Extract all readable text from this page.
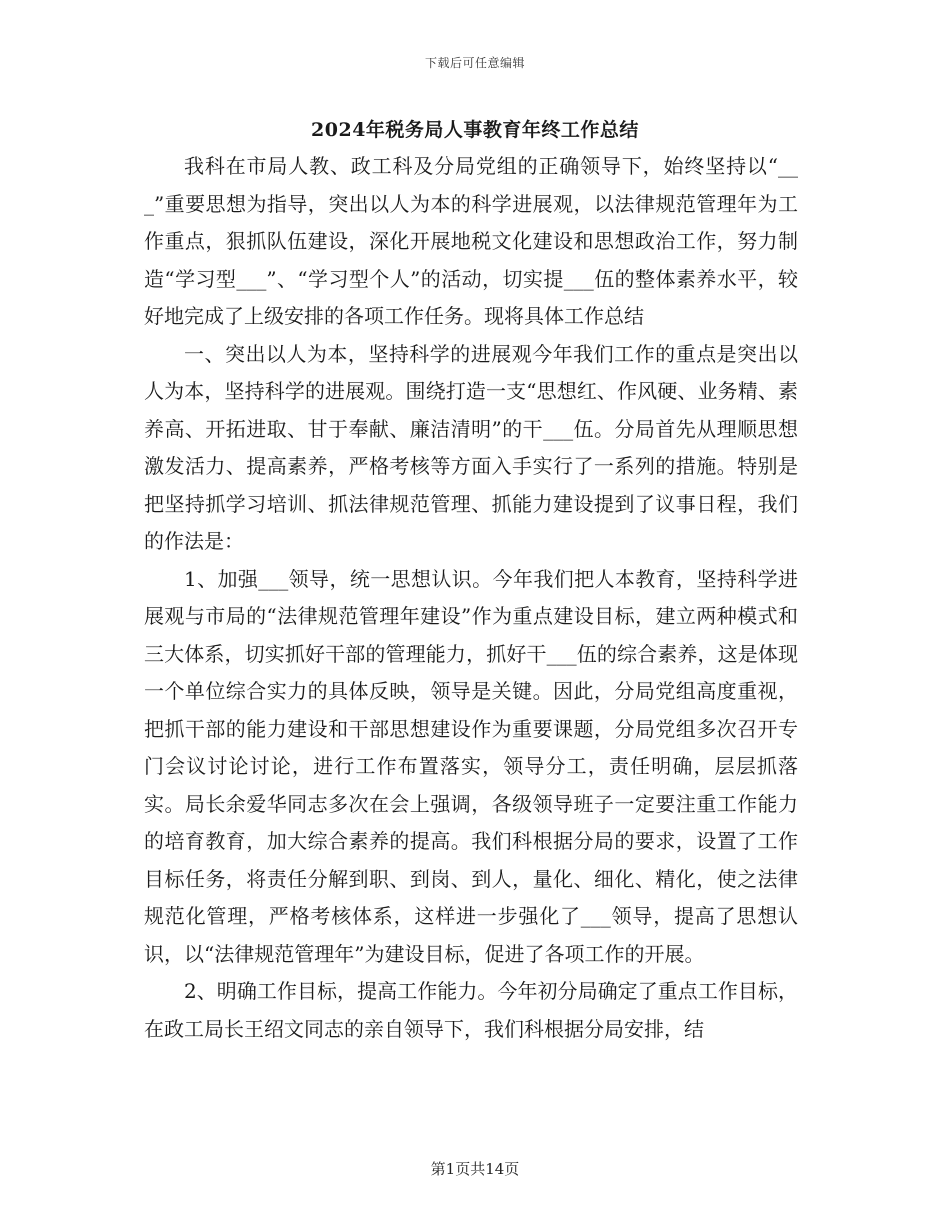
下载后可任意编辑
2024年税务局人事教育年终工作总结

我科在市局人教、政工科及分局党组的正确领导下，始终坚持以“___”重要思想为指导，突出以人为本的科学进展观，以法律规范管理年为工作重点，狠抓队伍建设，深化开展地税文化建设和思想政治工作，努力制造“学习型___”、“学习型个人”的活动，切实提___伍的整体素养水平，较好地完成了上级安排的各项工作任务。现将具体工作总结

一、突出以人为本，坚持科学的进展观今年我们工作的重点是突出以人为本，坚持科学的进展观。围绕打造一支“思想红、作风硬、业务精、素养高、开拓进取、甘于奉献、廉洁清明”的干___伍。分局首先从理顺思想激发活力、提高素养，严格考核等方面入手实行了一系列的措施。特别是把坚持抓学习培训、抓法律规范管理、抓能力建设提到了议事日程，我们的作法是：

1、加强___领导，统一思想认识。今年我们把人本教育，坚持科学进展观与市局的“法律规范管理年建设”作为重点建设目标，建立两种模式和三大体系，切实抓好干部的管理能力，抓好干___伍的综合素养，这是体现一个单位综合实力的具体反映，领导是关键。因此，分局党组高度重视，把抓干部的能力建设和干部思想建设作为重要课题，分局党组多次召开专门会议讨论讨论，进行工作布置落实，领导分工，责任明确，层层抓落实。局长余爱华同志多次在会上强调，各级领导班子一定要注重工作能力的培育教育，加大综合素养的提高。我们科根据分局的要求，设置了工作目标任务，将责任分解到职、到岗、到人，量化、细化、精化，使之法律规范化管理，严格考核体系，这样进一步强化了___领导，提高了思想认识，以“法律规范管理年”为建设目标，促进了各项工作的开展。

2、明确工作目标，提高工作能力。今年初分局确定了重点工作目标，在政工局长王绍文同志的亲自领导下，我们科根据分局安排，结

第1页共14页
